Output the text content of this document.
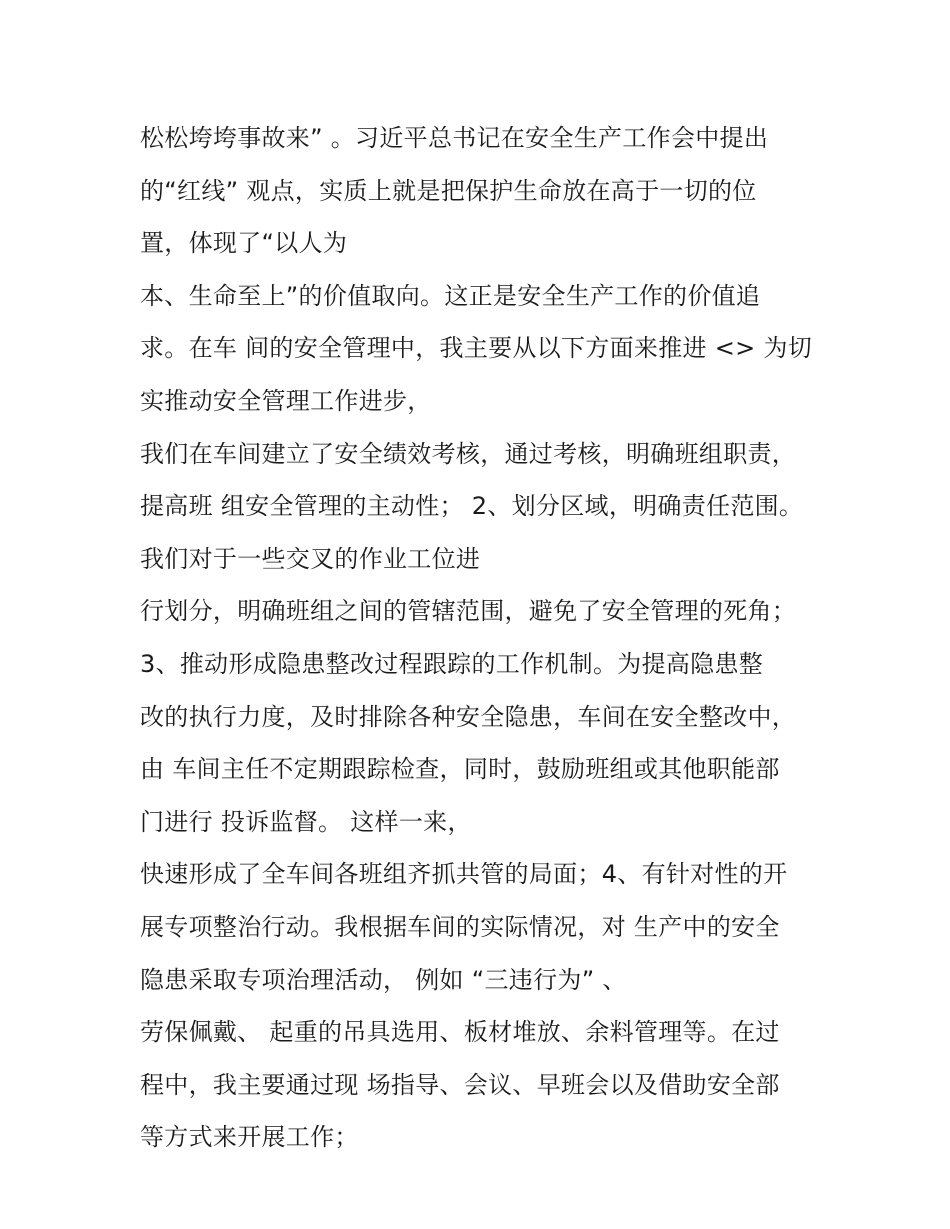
松松垮垮事故来” 。习近平总书记在安全生产工作会中提出
的“红线” 观点，实质上就是把保护生命放在高于一切的位
置，体现了“以人为
本、生命至上”的价值取向。这正是安全生产工作的价值追
求。在车 间的安全管理中，我主要从以下方面来推进 <> 为切
实推动安全管理工作进步，
我们在车间建立了安全绩效考核，通过考核，明确班组职责，
提高班 组安全管理的主动性； 2、划分区域，明确责任范围。
我们对于一些交叉的作业工位进
行划分，明确班组之间的管辖范围，避免了安全管理的死角；
3、推动形成隐患整改过程跟踪的工作机制。为提高隐患整
改的执行力度，及时排除各种安全隐患，车间在安全整改中，
由 车间主任不定期跟踪检查，同时，鼓励班组或其他职能部
门进行 投诉监督。 这样一来，
快速形成了全车间各班组齐抓共管的局面；4、有针对性的开
展专项整治行动。我根据车间的实际情况，对 生产中的安全
隐患采取专项治理活动， 例如 “三违行为” 、
劳保佩戴、 起重的吊具选用、板材堆放、余料管理等。在过
程中，我主要通过现 场指导、会议、早班会以及借助安全部
等方式来开展工作；
